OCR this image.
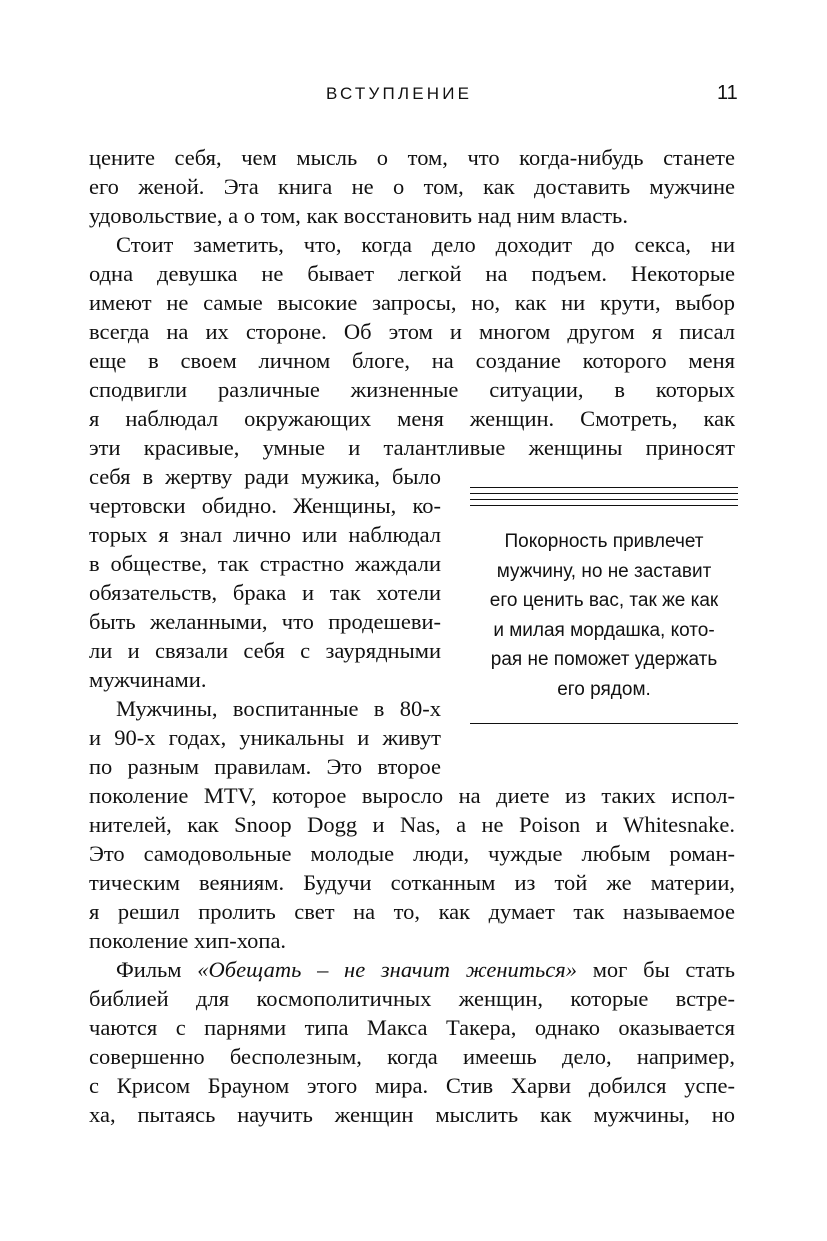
ВСТУПЛЕНИЕ	11
цените себя, чем мысль о том, что когда-нибудь станете
его женой. Эта книга не о том, как доставить мужчине
удовольствие, а о том, как восстановить над ним власть.
Стоит заметить, что, когда дело доходит до секса, ни
одна девушка не бывает легкой на подъем. Некоторые
имеют не самые высокие запросы, но, как ни крути, выбор
всегда на их стороне. Об этом и многом другом я писал
еще в своем личном блоге, на создание которого меня
сподвигли различные жизненные ситуации, в которых
я наблюдал окружающих меня женщин. Смотреть, как
эти красивые, умные и талантливые женщины приносят
себя в жертву ради мужика, было
чертовски обидно. Женщины, ко-
торых я знал лично или наблюдал
в обществе, так страстно жаждали
обязательств, брака и так хотели
быть желанными, что продешеви-
ли и связали себя с заурядными
мужчинами.
Мужчины, воспитанные в 80-х
и 90-х годах, уникальны и живут
по разным правилам. Это второе
поколение MTV, которое выросло на диете из таких испол-
нителей, как Snoop Dogg и Nas, а не Poison и Whitesnake.
Это самодовольные молодые люди, чуждые любым роман-
тическим веяниям. Будучи сотканным из той же материи,
я решил пролить свет на то, как думает так называемое
поколение хип-хопа.
Фильм «Обещать – не значит жениться» мог бы стать
библией для космополитичных женщин, которые встре-
чаются с парнями типа Макса Такера, однако оказывается
совершенно бесполезным, когда имеешь дело, например,
с Крисом Брауном этого мира. Стив Харви добился успе-
ха, пытаясь научить женщин мыслить как мужчины, но
Покорность привлечет
мужчину, но не заставит
его ценить вас, так же как
и милая мордашка, кото-
рая не поможет удержать
его рядом.
